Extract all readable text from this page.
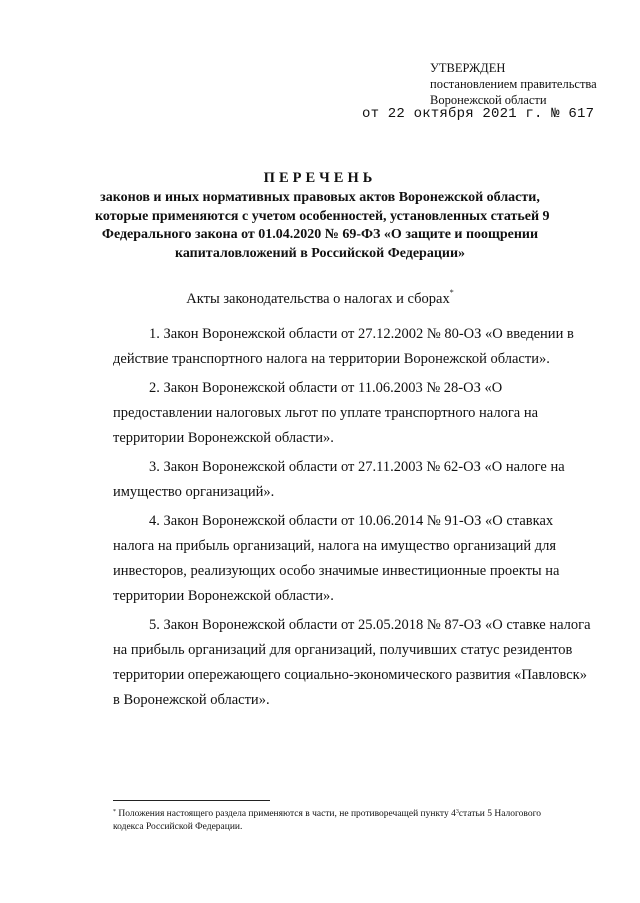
УТВЕРЖДЕН
постановлением правительства
Воронежской области
от 22 октября 2021 г. № 617
ПЕРЕЧЕНЬ
законов и иных нормативных правовых актов Воронежской области,
которые применяются с учетом особенностей, установленных статьей 9
Федерального закона от 01.04.2020 № 69-ФЗ «О защите и поощрении
капиталовложений в Российской Федерации»
Акты законодательства о налогах и сборах*
1. Закон Воронежской области от 27.12.2002 № 80-ОЗ «О введении в
действие транспортного налога на территории Воронежской области».
2. Закон Воронежской области от 11.06.2003 № 28-ОЗ «О
предоставлении налоговых льгот по уплате транспортного налога на
территории Воронежской области».
3. Закон Воронежской области от 27.11.2003 № 62-ОЗ «О налоге на
имущество организаций».
4. Закон Воронежской области от 10.06.2014 № 91-ОЗ «О ставках
налога на прибыль организаций, налога на имущество организаций для
инвесторов, реализующих особо значимые инвестиционные проекты на
территории Воронежской области».
5. Закон Воронежской области от 25.05.2018 № 87-ОЗ «О ставке налога
на прибыль организаций для организаций, получивших статус резидентов
территории опережающего социально-экономического развития «Павловск»
в Воронежской области».
* Положения настоящего раздела применяются в части, не противоречащей пункту $4^3статьи$ 5 Налогового
кодекса Российской Федерации.
